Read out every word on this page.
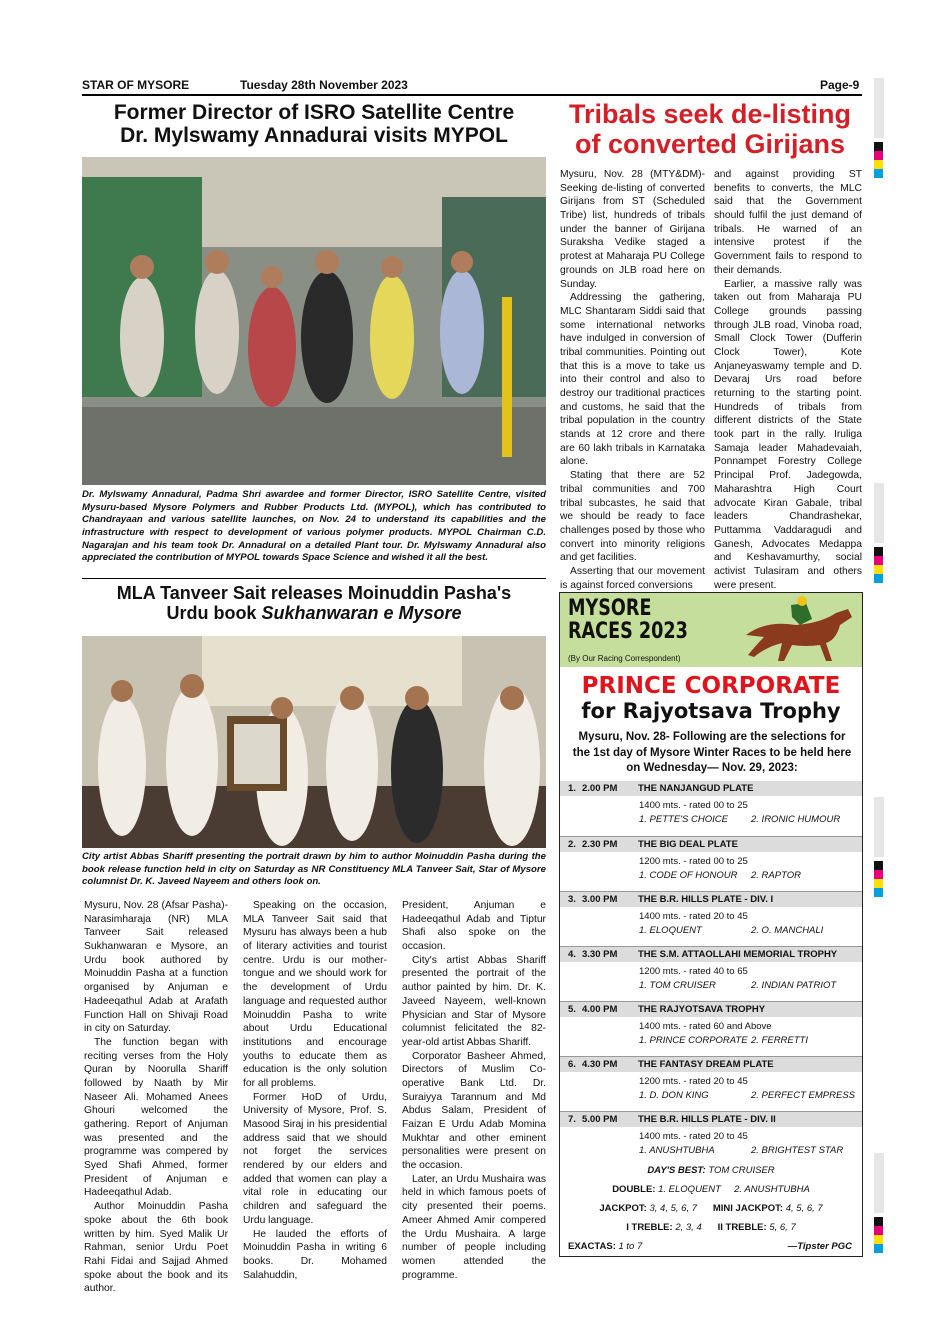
STAR OF MYSORE	Tuesday 28th November 2023	Page-9
Former Director of ISRO Satellite Centre
Dr. Mylswamy Annadurai visits MYPOL
Dr. Mylswamy Annadural, Padma Shri awardee and former Director, ISRO Satellite Centre, visited Mysuru-based Mysore Polymers and Rubber Products Ltd. (MYPOL), which has contributed to Chandrayaan and various satellite launches, on Nov. 24 to understand its capabilities and the infrastructure with respect to development of various polymer products. MYPOL Chairman C.D. Nagarajan and his team took Dr. Annadural on a detailed Plant tour. Dr. Mylswamy Annadural also appreciated the contribution of MYPOL towards Space Science and wished it all the best.
Tribals seek de-listing
of converted Girijans

Mysuru, Nov. 28 (MTY&DM)- Seeking de-listing of converted Girijans from ST (Scheduled Tribe) list, hundreds of tribals under the banner of Girijana Suraksha Vedike staged a protest at Maharaja PU College grounds on JLB road here on Sunday.

Addressing the gathering, MLC Shantaram Siddi said that some international networks have indulged in conversion of tribal communities. Pointing out that this is a move to take us into their control and also to destroy our traditional practices and customs, he said that the tribal population in the country stands at 12 crore and there are 60 lakh tribals in Karnataka alone.

Stating that there are 52 tribal communities and 700 tribal subcastes, he said that we should be ready to face challenges posed by those who convert into minority religions and get facilities.

Asserting that our movement is against forced conversions

and against providing ST benefits to converts, the MLC said that the Government should fulfil the just demand of tribals. He warned of an intensive protest if the Government fails to respond to their demands.

Earlier, a massive rally was taken out from Maharaja PU College grounds passing through JLB road, Vinoba road, Small Clock Tower (Dufferin Clock Tower), Kote Anjaneyaswamy temple and D. Devaraj Urs road before returning to the starting point. Hundreds of tribals from different districts of the State took part in the rally. Iruliga Samaja leader Mahadevaiah, Ponnampet Forestry College Principal Prof. Jadegowda, Maharashtra High Court advocate Kiran Gabale, tribal leaders Chandrashekar, Puttamma Vaddaragudi and Ganesh, Advocates Medappa and Keshavamurthy, social activist Tulasiram and others were present.

MLA Tanveer Sait releases Moinuddin Pasha's
Urdu book Sukhanwaran e Mysore
City artist Abbas Shariff presenting the portrait drawn by him to author Moinuddin Pasha during the book release function held in city on Saturday as NR Constituency MLA Tanveer Sait, Star of Mysore columnist Dr. K. Javeed Nayeem and others look on.

Mysuru, Nov. 28 (Afsar Pasha)- Narasimharaja (NR) MLA Tanveer Sait released Sukhanwaran e Mysore, an Urdu book authored by Moinuddin Pasha at a function organised by Anjuman e Hadeeqathul Adab at Arafath Function Hall on Shivaji Road in city on Saturday.

The function began with reciting verses from the Holy Quran by Noorulla Shariff followed by Naath by Mir Naseer Ali. Mohamed Anees Ghouri welcomed the gathering. Report of Anjuman was presented and the programme was compered by Syed Shafi Ahmed, former President of Anjuman e Hadeeqathul Adab.

Author Moinuddin Pasha spoke about the 6th book written by him. Syed Malik Ur Rahman, senior Urdu Poet Rahi Fidai and Sajjad Ahmed spoke about the book and its author.

Speaking on the occasion, MLA Tanveer Sait said that Mysuru has always been a hub of literary activities and tourist centre. Urdu is our mother-tongue and we should work for the development of Urdu language and requested author Moinuddin Pasha to write about Urdu Educational institutions and encourage youths to educate them as education is the only solution for all problems.

Former HoD of Urdu, University of Mysore, Prof. S. Masood Siraj in his presidential address said that we should not forget the services rendered by our elders and added that women can play a vital role in educating our children and safeguard the Urdu language.

He lauded the efforts of Moinuddin Pasha in writing 6 books. Dr. Mohamed Salahuddin,

President, Anjuman e Hadeeqathul Adab and Tiptur Shafi also spoke on the occasion.

City's artist Abbas Shariff presented the portrait of the author painted by him. Dr. K. Javeed Nayeem, well-known Physician and Star of Mysore columnist felicitated the 82-year-old artist Abbas Shariff.

Corporator Basheer Ahmed, Directors of Muslim Co-operative Bank Ltd. Dr. Suraiyya Tarannum and Md Abdus Salam, President of Faizan E Urdu Adab Momina Mukhtar and other eminent personalities were present on the occasion.

Later, an Urdu Mushaira was held in which famous poets of city presented their poems. Ameer Ahmed Amir compered the Urdu Mushaira. A large number of people including women attended the programme.

MYSORE
RACES 2023
(By Our Racing Correspondent)
PRINCE CORPORATE
for Rajyotsava Trophy
Mysuru, Nov. 28- Following are the selections for the 1st day of Mysore Winter Races to be held here on Wednesday— Nov. 29, 2023:
1. 2.00 PM	THE NANJANGUD PLATE
1400 mts. - rated 00 to 25
1. PETTE'S CHOICE 2. IRONIC HUMOUR
2. 2.30 PM	THE BIG DEAL PLATE
1200 mts. - rated 00 to 25
1. CODE OF HONOUR 2. RAPTOR
3. 3.00 PM	THE B.R. HILLS PLATE - DIV. I
1400 mts. - rated 20 to 45
1. ELOQUENT	2. O. MANCHALI
4. 3.30 PM	THE S.M. ATTAOLLAHI MEMORIAL TROPHY
1200 mts. - rated 40 to 65
1. TOM CRUISER	2. INDIAN PATRIOT
5. 4.00 PM	THE RAJYOTSAVA TROPHY
1400 mts. - rated 60 and Above
1. PRINCE CORPORATE 2. FERRETTI
6. 4.30 PM	THE FANTASY DREAM PLATE
1200 mts. - rated 20 to 45
1. D. DON KING	2. PERFECT EMPRESS
7. 5.00 PM	THE B.R. HILLS PLATE - DIV. II
1400 mts. - rated 20 to 45
1. ANUSHTUBHA	2. BRIGHTEST STAR
DAY'S BEST: TOM CRUISER
DOUBLE: 1. ELOQUENT     2. ANUSHTUBHA
JACKPOT: 3, 4, 5, 6, 7 MINI JACKPOT: 4, 5, 6, 7
I TREBLE: 2, 3, 4 II TREBLE: 5, 6, 7
EXACTAS: 1 to 7	—Tipster PGC
